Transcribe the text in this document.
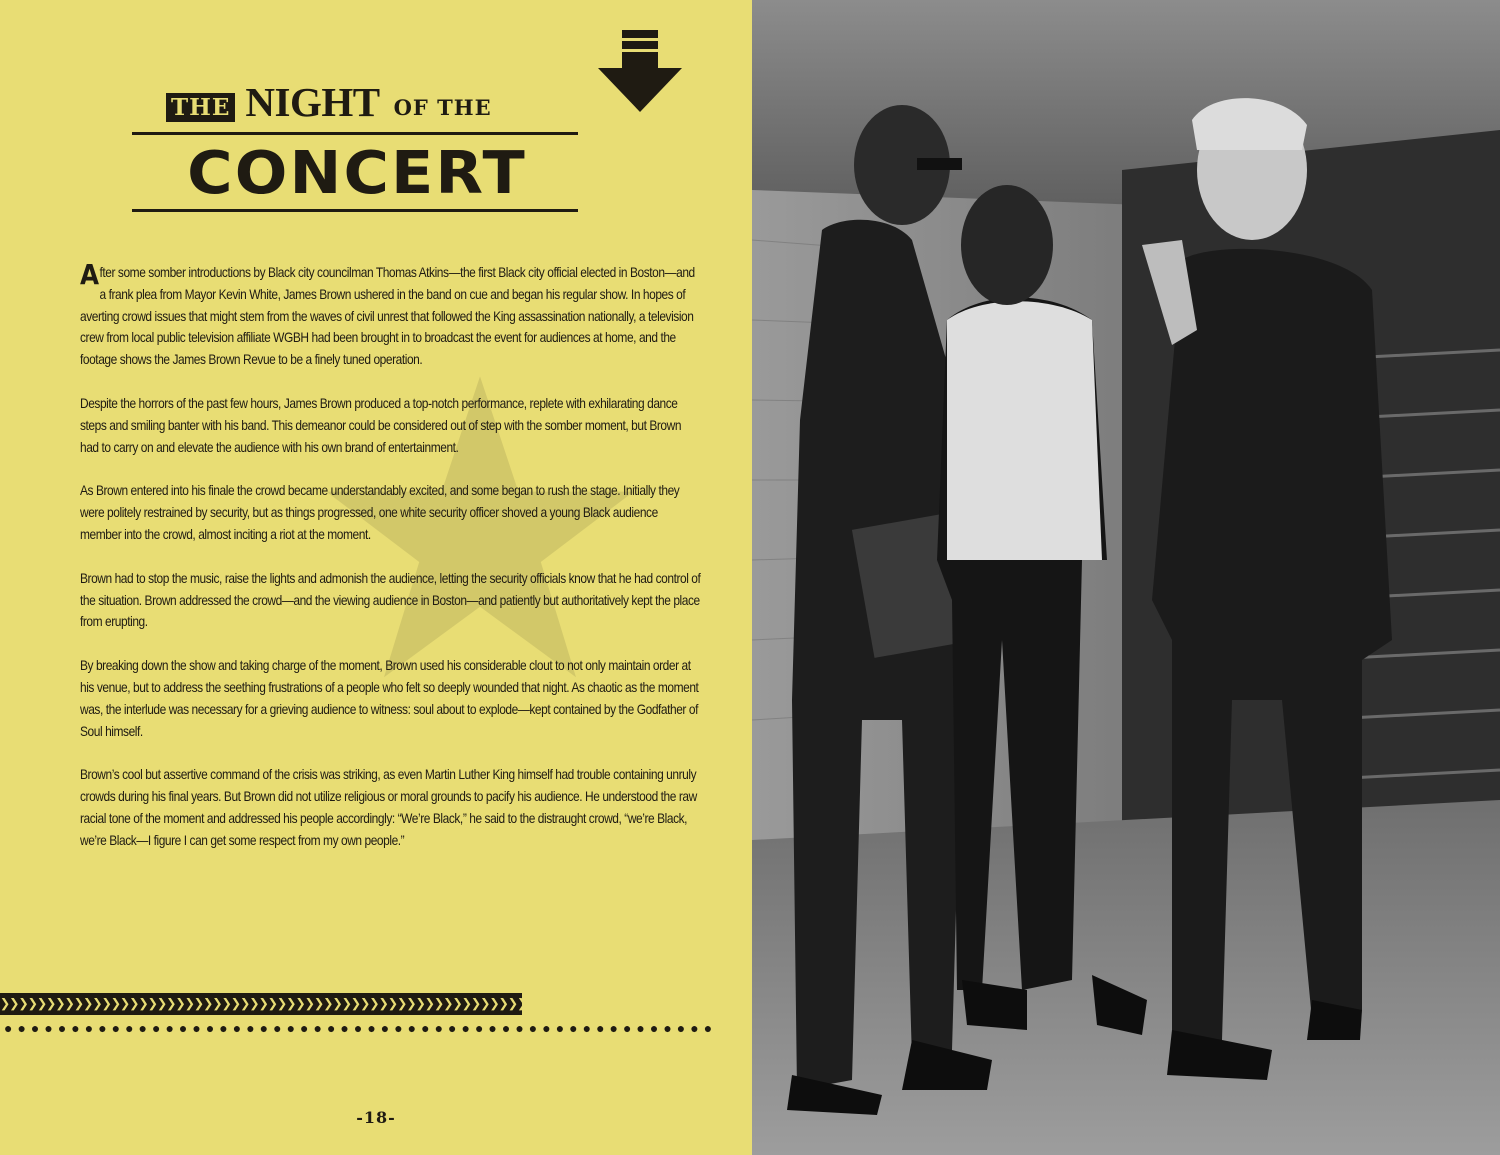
THE NIGHT OF THE
CONCERT

After some somber introductions by Black city councilman Thomas Atkins—the first Black city official elected in Boston—and a frank plea from Mayor Kevin White, James Brown ushered in the band on cue and began his regular show. In hopes of averting crowd issues that might stem from the waves of civil unrest that followed the King assassination nationally, a television crew from local public television affiliate WGBH had been brought in to broadcast the event for audiences at home, and the footage shows the James Brown Revue to be a finely tuned operation.

Despite the horrors of the past few hours, James Brown produced a top-notch performance, replete with exhilarating dance steps and smiling banter with his band. This demeanor could be considered out of step with the somber moment, but Brown had to carry on and elevate the audience with his own brand of entertainment.

As Brown entered into his finale the crowd became understandably excited, and some began to rush the stage. Initially they were politely restrained by security, but as things progressed, one white security officer shoved a young Black audience member into the crowd, almost inciting a riot at the moment.

Brown had to stop the music, raise the lights and admonish the audience, letting the security officials know that he had control of the situation. Brown addressed the crowd—and the viewing audience in Boston—and patiently but authoritatively kept the place from erupting.

By breaking down the show and taking charge of the moment, Brown used his considerable clout to not only maintain order at his venue, but to address the seething frustrations of a people who felt so deeply wounded that night. As chaotic as the moment was, the interlude was necessary for a grieving audience to witness: soul about to explode—kept contained by the Godfather of Soul himself.

Brown’s cool but assertive command of the crisis was striking, as even Martin Luther King himself had trouble containing unruly crowds during his final years. But Brown did not utilize religious or moral grounds to pacify his audience. He understood the raw racial tone of the moment and addressed his people accordingly: “We’re Black,” he said to the distraught crowd, “we’re Black, we’re Black—I figure I can get some respect from my own people.”

❯❯❯❯❯❯❯❯❯❯❯❯❯❯❯❯❯❯❯❯❯❯❯❯❯❯❯❯❯❯❯❯❯❯❯❯❯❯❯❯❯❯❯❯❯❯❯❯❯❯❯❯❯❯❯❯❯❯❯❯
●●●●●●●●●●●●●●●●●●●●●●●●●●●●●●●●●●●●●●●●●●●●●●●●●●●●●
-18-
